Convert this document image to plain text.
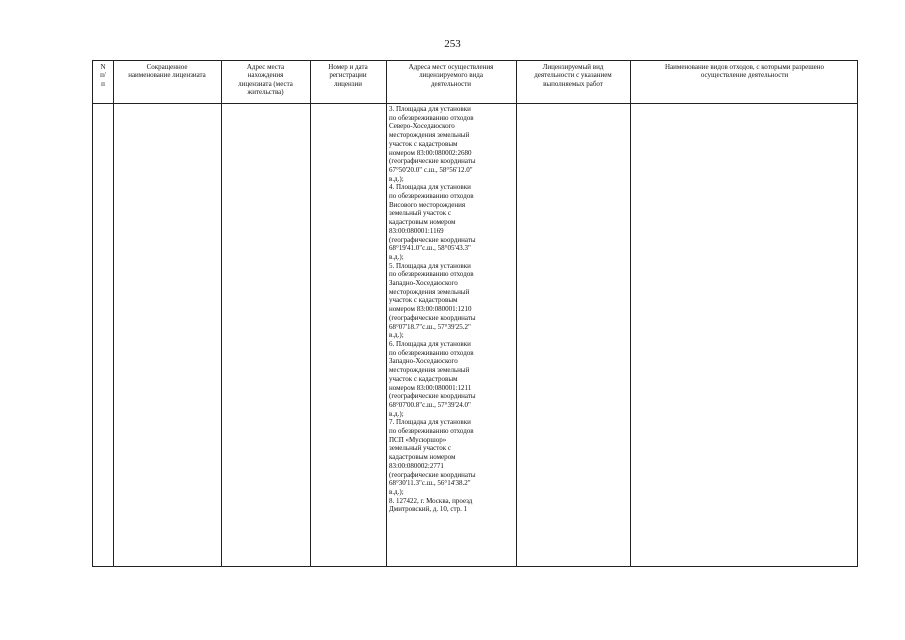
253
N
п/
п
Сокращенное
наименование лицензиата
Адрес места
нахождения
лицензиата (места
жительства)
Номер и дата
регистрации
лицензии
Адреса мест осуществления
лицензируемого вида
деятельности
Лицензируемый вид
деятельности с указанием
выполняемых работ
Наименование видов отходов, с которыми разрешено
осуществление деятельности
3. Площадка для установки
по обезвреживанию отходов
Северо-Хоседаюского
месторождения земельный
участок с кадастровым
номером 83:00:080002:2680
(географические координаты
67°50'20.0" с.ш., 58°56'12.0"
в.д.);
4. Площадка для установки
по обезвреживанию отходов
Висового месторождения
земельный участок с
кадастровым номером
83:00:080001:1169
(географические координаты
68°19'41.0"с.ш., 58°05'43.3"
в.д.);
5. Площадка для установки
по обезвреживанию отходов
Западно-Хоседаюского
месторождения земельный
участок с кадастровым
номером 83:00:080001:1210
(географические координаты
68°07'18.7"с.ш., 57°39'25.2"
в.д.);
6. Площадка для установки
по обезвреживанию отходов
Западно-Хоседаюского
месторождения земельный
участок с кадастровым
номером 83:00:080001:1211
(географические координаты
68°07'00.8"с.ш., 57°39'24.0"
в.д.);
7. Площадка для установки
по обезвреживанию отходов
ПСП «Мусюршор»
земельный участок с
кадастровым номером
83:00:080002:2771
(географические координаты
68°30'11.3"с.ш., 56°14'38.2"
в.д.);
8. 127422, г. Москва, проезд
Дмитровский, д. 10, стр. 1
